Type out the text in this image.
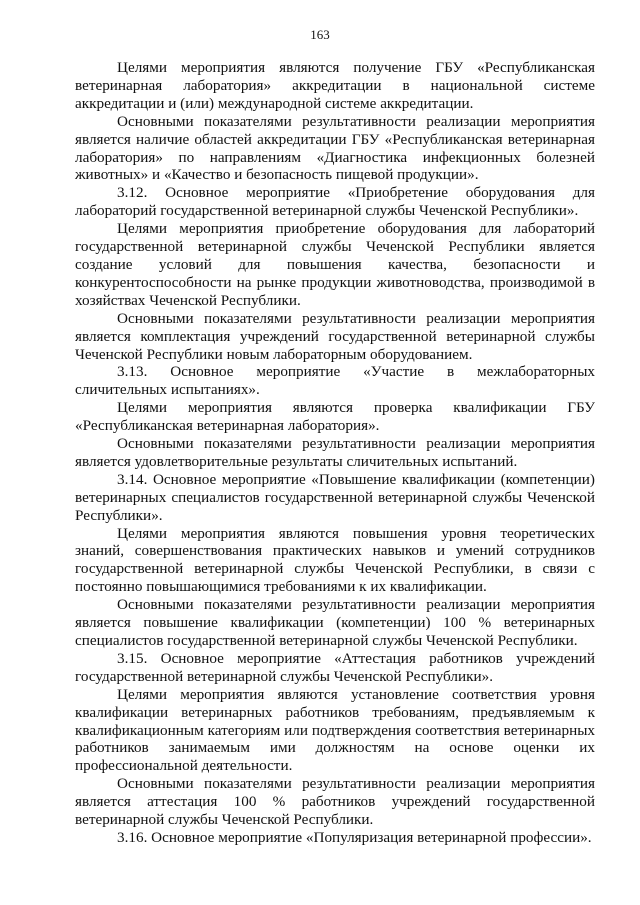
163

Целями мероприятия являются получение ГБУ «Республиканская ветеринарная лаборатория» аккредитации в национальной системе аккредитации и (или) международной системе аккредитации.

Основными показателями результативности реализации мероприятия является наличие областей аккредитации ГБУ «Республиканская ветеринарная лаборатория» по направлениям «Диагностика инфекционных болезней животных» и «Качество и безопасность пищевой продукции».

3.12. Основное мероприятие «Приобретение оборудования для лабораторий государственной ветеринарной службы Чеченской Республики».

Целями мероприятия приобретение оборудования для лабораторий государственной ветеринарной службы Чеченской Республики является создание условий для повышения качества, безопасности и конкурентоспособности на рынке продукции животноводства, производимой в хозяйствах Чеченской Республики.

Основными показателями результативности реализации мероприятия является комплектация учреждений государственной ветеринарной службы Чеченской Республики новым лабораторным оборудованием.

3.13. Основное мероприятие «Участие в межлабораторных сличительных испытаниях».

Целями мероприятия являются проверка квалификации ГБУ «Республиканская ветеринарная лаборатория».

Основными показателями результативности реализации мероприятия является удовлетворительные результаты сличительных испытаний.

3.14. Основное мероприятие «Повышение квалификации (компетенции) ветеринарных специалистов государственной ветеринарной службы Чеченской Республики».

Целями мероприятия являются повышения уровня теоретических знаний, совершенствования практических навыков и умений сотрудников государственной ветеринарной службы Чеченской Республики, в связи с постоянно повышающимися требованиями к их квалификации.

Основными показателями результативности реализации мероприятия является повышение квалификации (компетенции) 100 % ветеринарных специалистов государственной ветеринарной службы Чеченской Республики.

3.15. Основное мероприятие «Аттестация работников учреждений государственной ветеринарной службы Чеченской Республики».

Целями мероприятия являются установление соответствия уровня квалификации ветеринарных работников требованиям, предъявляемым к квалификационным категориям или подтверждения соответствия ветеринарных работников занимаемым ими должностям на основе оценки их профессиональной деятельности.

Основными показателями результативности реализации мероприятия является аттестация 100 % работников учреждений государственной ветеринарной службы Чеченской Республики.

3.16. Основное мероприятие «Популяризация ветеринарной профессии».
